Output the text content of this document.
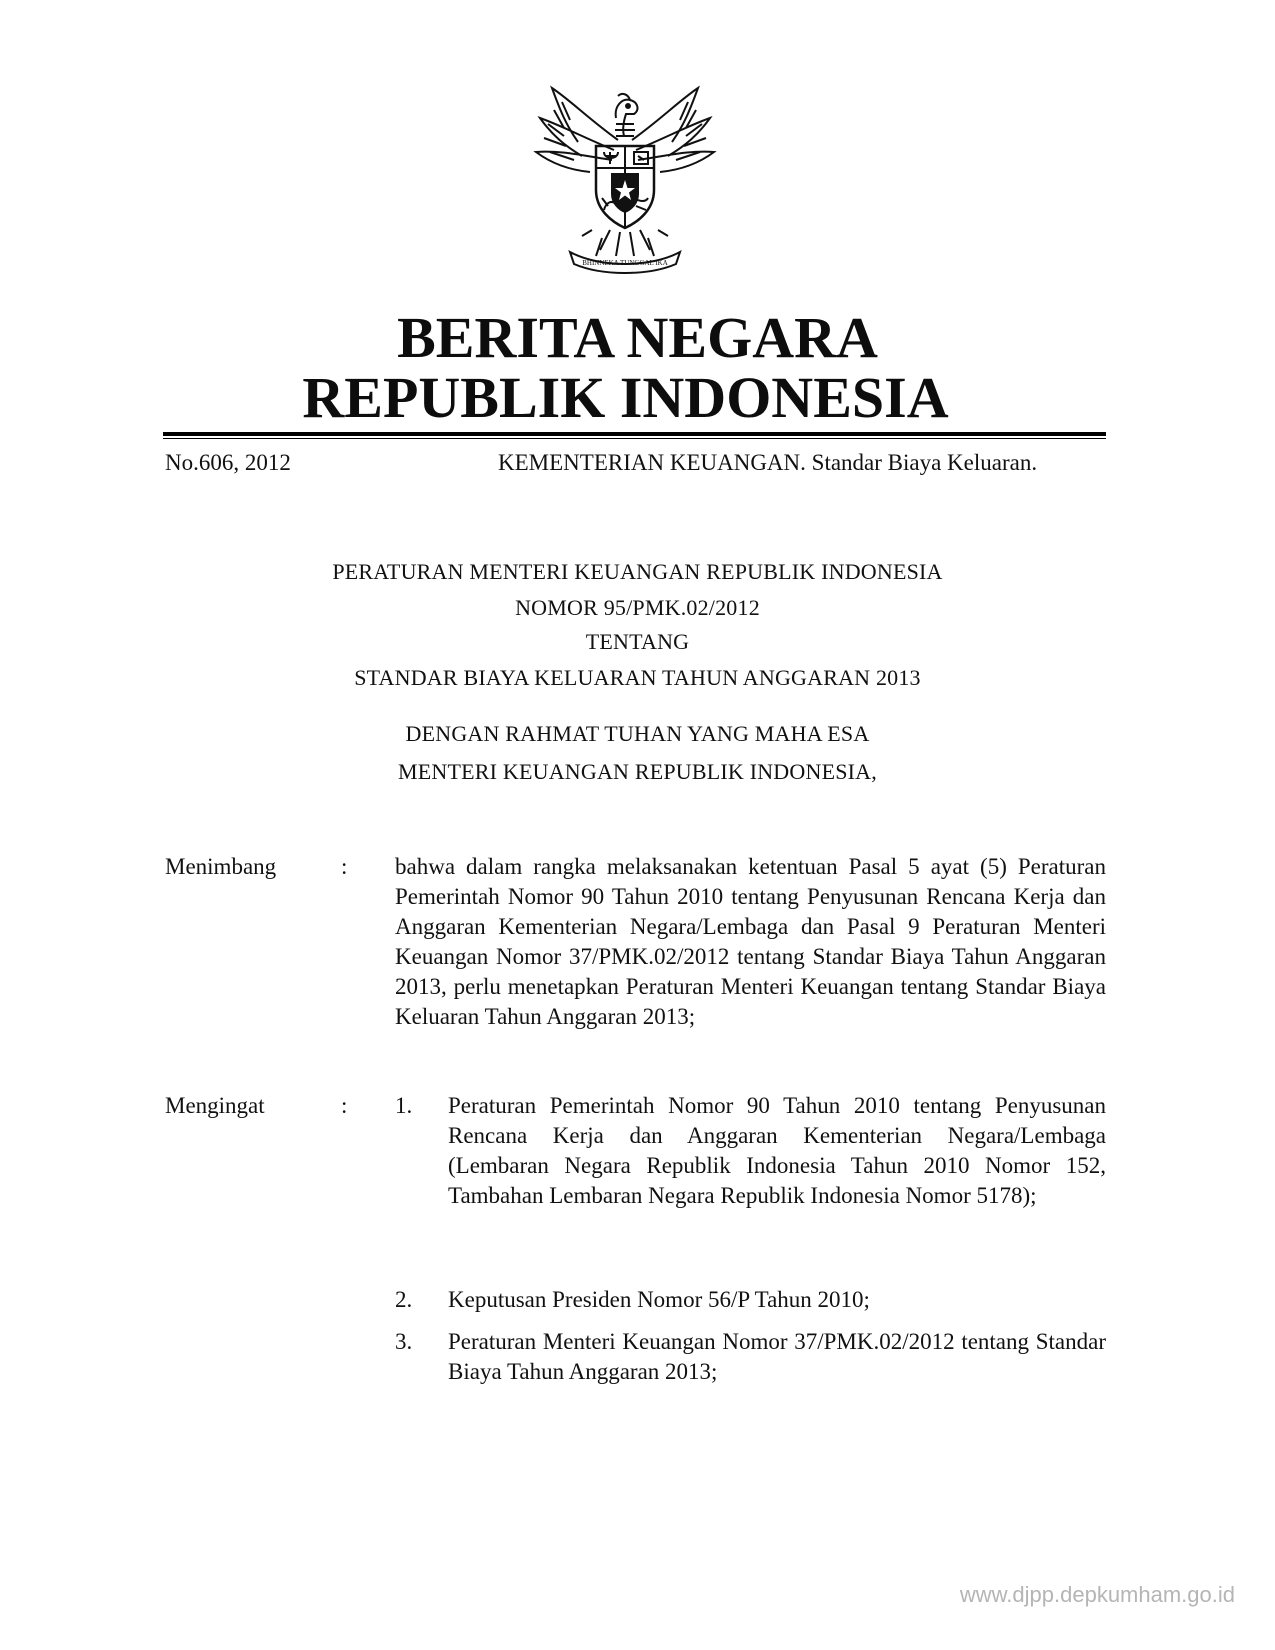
BHINNEKA TUNGGAL IKA
BERITA NEGARA
REPUBLIK INDONESIA
No.606, 2012	KEMENTERIAN KEUANGAN. Standar Biaya Keluaran.
PERATURAN MENTERI KEUANGAN REPUBLIK INDONESIA
NOMOR 95/PMK.02/2012
TENTANG
STANDAR BIAYA KELUARAN TAHUN ANGGARAN 2013
DENGAN RAHMAT TUHAN YANG MAHA ESA
MENTERI KEUANGAN REPUBLIK INDONESIA,
Menimbang	: bahwa dalam rangka melaksanakan ketentuan Pasal 5 ayat (5) Peraturan Pemerintah Nomor 90 Tahun 2010 tentang Penyusunan Rencana Kerja dan Anggaran Kementerian Negara/Lembaga dan Pasal 9 Peraturan Menteri Keuangan Nomor 37/PMK.02/2012 tentang Standar Biaya Tahun Anggaran 2013, perlu menetapkan Peraturan Menteri Keuangan tentang Standar Biaya Keluaran Tahun Anggaran 2013;
Mengingat	: 1. Peraturan Pemerintah Nomor 90 Tahun 2010 tentang Penyusunan Rencana Kerja dan Anggaran Kementerian Negara/Lembaga (Lembaran Negara Republik Indonesia Tahun 2010 Nomor 152, Tambahan Lembaran Negara Republik Indonesia Nomor 5178);
2. Keputusan Presiden Nomor 56/P Tahun 2010;
3. Peraturan Menteri Keuangan Nomor 37/PMK.02/2012 tentang Standar Biaya Tahun Anggaran 2013;
www.djpp.depkumham.go.id
